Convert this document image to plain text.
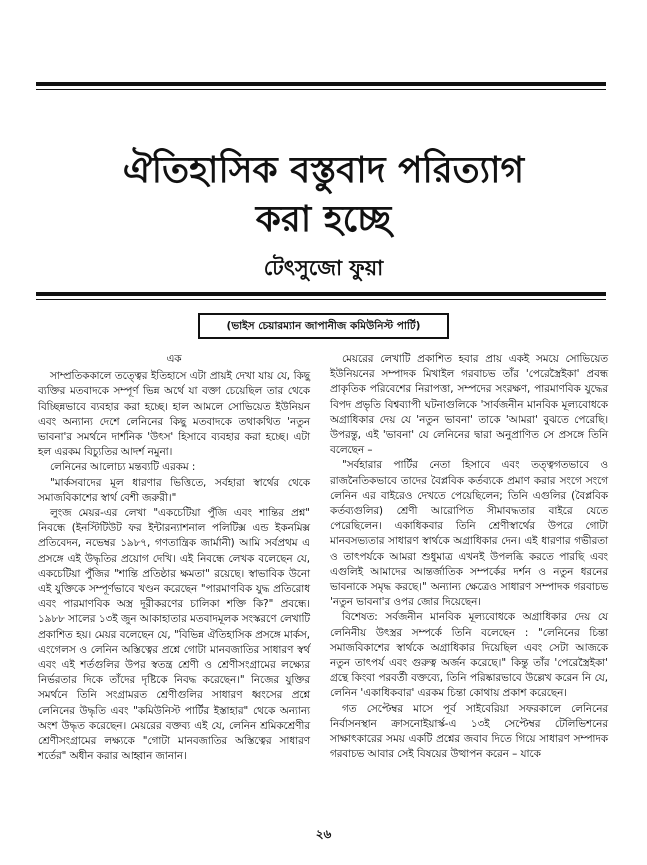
ঐতিহাসিক বস্তুবাদ পরিত্যাগ
করা হচ্ছে
টেৎসুজো ফুয়া
(ভাইস চেয়ারম্যান জাপানীজ কমিউনিস্ট পার্টি)

এক

সাম্প্রতিককালে তত্ত্বের ইতিহাসে এটা প্রায়ই দেখা যায় যে, কিছু ব্যক্তির মতবাদকে সম্পূর্ণ ভিন্ন অর্থে যা বক্তা চেয়েছিল তার থেকে বিচ্ছিন্নভাবে ব্যবহার করা হচ্ছে। হাল আমলে সোভিয়েত ইউনিয়ন এবং অন্যান্য দেশে লেনিনের কিছু মতবাদকে তথাকথিত 'নতুন ভাবনা'র সমর্থনে দার্শনিক 'উৎস' হিসাবে ব্যবহার করা হচ্ছে। এটা হল এরকম বিচ্যুতির আদর্শ নমুনা।

লেনিনের আলোচ্য মন্তব্যটি এরকম :

"মার্কসবাদের মূল ধারণার ভিত্তিতে, সর্বহারা স্বার্থের থেকে সমাজবিকাশের স্বার্থ বেশী জরুরী।"

লুংজ মেয়র-এর লেখা "একচেটিয়া পুঁজি এবং শান্তির প্রশ্ন" নিবন্ধে (ইনস্টিটিউট ফর ইন্টারন্যাশনাল পলিটিক্স এন্ড ইকনমিক্স প্রতিবেদন, নভেম্বর ১৯৮৭, গণতান্ত্রিক জার্মানী) আমি সর্বপ্রথম এ প্রসঙ্গে এই উদ্ধৃতির প্রয়োগ দেখি। এই নিবন্ধে লেখক বলেছেন যে, একচেটিয়া পুঁজির "শান্তি প্রতিষ্ঠার ক্ষমতা" রয়েছে। স্বাভাবিক উনো এই যুক্তিকে সম্পূর্ণভাবে খণ্ডন করেছেন "পারমাণবিক যুদ্ধ প্রতিরোধ এবং পারমাণবিক অস্ত্র দূরীকরণের চালিকা শক্তি কি?" প্রবন্ধে। ১৯৮৮ সালের ১৩ই জুন আকাহাতার মতবাদমূলক সংস্করণে লেখাটি প্রকাশিত হয়। মেয়র বলেছেন যে, "বিভিন্ন ঐতিহাসিক প্রসঙ্গে মার্কস, এংগেলস ও লেনিন অস্তিত্বের প্রশ্নে গোটা মানবজাতির সাধারণ স্বর্থ এবং এই শর্তগুলির উপর স্বতন্ত্র শ্রেণী ও শ্রেণীসংগ্রামের লক্ষ্যের নির্ভরতার দিকে তাঁদের দৃষ্টিকে নিবদ্ধ করেছেন।" নিজের যুক্তির সমর্থনে তিনি সংগ্রামরত শ্রেণীগুলির সাধারণ ধ্বংসের প্রশ্নে লেনিনের উদ্ধৃতি এবং "কমিউনিস্ট পার্টির ইস্তাহার" থেকে অন্যান্য অংশ উদ্ধৃত করেছেন। মেয়রের বক্তব্য এই যে, লেনিন শ্রমিকশ্রেণীর শ্রেণীসংগ্রামের লক্ষ্যকে "গোটা মানবজাতির অস্তিত্বের সাধারণ শর্তের" অধীন করার আহ্বান জানান।

মেয়রের লেখাটি প্রকাশিত হবার প্রায় একই সময়ে সোভিয়েত ইউনিয়নের সম্পাদক মিখাইল গরবাচভ তাঁর 'পেরেস্ত্রৈইকা' প্রবন্ধ প্রাকৃতিক পরিবেশের নিরাপত্তা, সম্পদের সংরক্ষণ, পারমাণবিক যুদ্ধের বিপদ প্রভৃতি বিশ্বব্যাপী ঘটনাগুলিকে 'সার্বজনীন মানবিক মূল্যবোধকে অগ্রাধিকার দেয় যে 'নতুন ভাবনা' তাকে 'আমরা' বুঝতে পেরেছি। উপরন্তু, এই 'ভাবনা' যে লেনিনের দ্বারা অনুপ্রাণিত সে প্রসঙ্গে তিনি বলেছেন –

"সর্বহারার পার্টির নেতা হিসাবে এবং তত্ত্বগতভাবে ও রাজনৈতিকভাবে তাদের বৈপ্লবিক কর্তব্যকে প্রমাণ করার সংগে সংগে লেনিন এর বাইরেও দেখতে পেয়েছিলেন; তিনি এগুলির (বৈপ্লবিক কর্তব্যগুলির) শ্রেণী আরোপিত সীমাবদ্ধতার বাইরে যেতে পেরেছিলেন। একাধিকবার তিনি শ্রেণীস্বার্থের উপরে গোটা মানবসভ্যতার সাধারণ স্বার্থকে অগ্রাধিকার দেন। এই ধারণার গভীরতা ও তাৎপর্যকে আমরা শুধুমাত্র এখনই উপলব্ধি করতে পারছি এবং এগুলিই আমাদের আন্তর্জাতিক সম্পর্কের দর্শন ও নতুন ধরনের ভাবনাকে সমৃদ্ধ করছে।" অন্যান্য ক্ষেত্রেও সাধারণ সম্পাদক গরবাচভ 'নতুন ভাবনা'র ওপর জোর দিয়েছেন।

বিশেষত: সর্বজনীন মানবিক মূল্যবোধকে অগ্রাধিকার দেয় যে লেনিনীয় উৎস্ত্রর সম্পর্কে তিনি বলেছেন : "লেনিনের চিন্তা সমাজবিকাশের স্বার্থকে অগ্রাধিকার দিয়েছিল এবং সেটা আজকে নতুন তাৎপর্য এবং গুরুত্ব অর্জন করেছে।" কিন্তু তাঁর 'পেরেস্ত্রৈইকা' গ্রন্থে কিংবা পরবর্তী বক্তব্যে, তিনি পরিষ্কারভাবে উল্লেখ করেন নি যে, লেনিন 'একাধিকবার' এরকম চিন্তা কোথায় প্রকাশ করেছেন।

গত সেপ্টেম্বর মাসে পূর্ব সাইবেরিয়া সফরকালে লেনিনের নির্বাসনস্থান ক্রাসনোইয়ার্স্ক-এ ১৩ই সেপ্টেম্বর টেলিভিশনের সাক্ষাৎকারের সময় একটি প্রশ্নের জবাব দিতে গিয়ে সাধারণ সম্পাদক গরবাচভ আবার সেই বিষয়ের উত্থাপন করেন – যাকে

২৬
